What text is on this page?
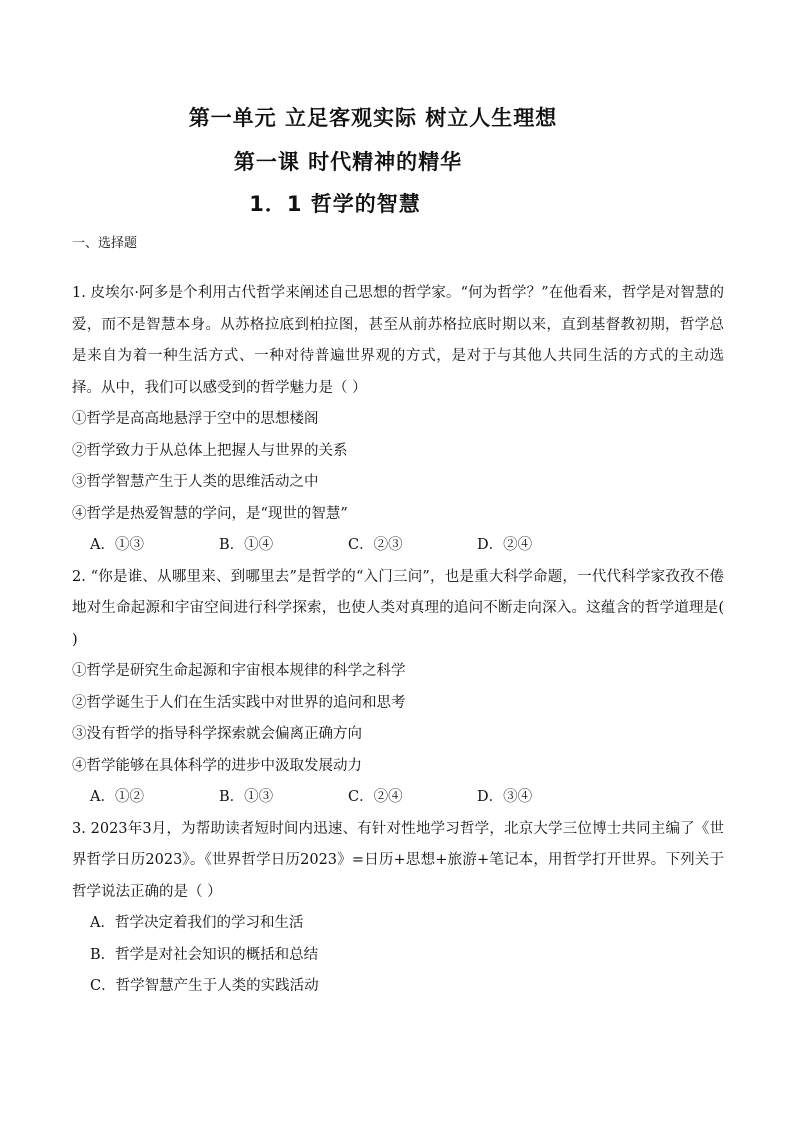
第一单元 立足客观实际 树立人生理想
第一课 时代精神的精华
1．1 哲学的智慧
一、选择题

1. 皮埃尔·阿多是个利用古代哲学来阐述自己思想的哲学家。“何为哲学？”在他看来，哲学是对智慧的爱，而不是智慧本身。从苏格拉底到柏拉图，甚至从前苏格拉底时期以来，直到基督教初期，哲学总是来自为着一种生活方式、一种对待普遍世界观的方式，是对于与其他人共同生活的方式的主动选择。从中，我们可以感受到的哲学魅力是（ ）

①哲学是高高地悬浮于空中的思想楼阁
②哲学致力于从总体上把握人与世界的关系
③哲学智慧产生于人类的思维活动之中
④哲学是热爱智慧的学问，是“现世的智慧”
A．①③	B．①④	C．②③	D．②④

2. “你是谁、从哪里来、到哪里去”是哲学的“入门三问”，也是重大科学命题，一代代科学家孜孜不倦地对生命起源和宇宙空间进行科学探索，也使人类对真理的追问不断走向深入。这蕴含的哲学道理是( )

①哲学是研究生命起源和宇宙根本规律的科学之科学
②哲学诞生于人们在生活实践中对世界的追问和思考
③没有哲学的指导科学探索就会偏离正确方向
④哲学能够在具体科学的进步中汲取发展动力
A．①②	B．①③	C．②④	D．③④

3. 2023年3月，为帮助读者短时间内迅速、有针对性地学习哲学，北京大学三位博士共同主编了《世界哲学日历2023》。《世界哲学日历2023》=日历+思想+旅游+笔记本，用哲学打开世界。下列关于哲学说法正确的是（ ）

A．哲学决定着我们的学习和生活
B．哲学是对社会知识的概括和总结
C．哲学智慧产生于人类的实践活动
